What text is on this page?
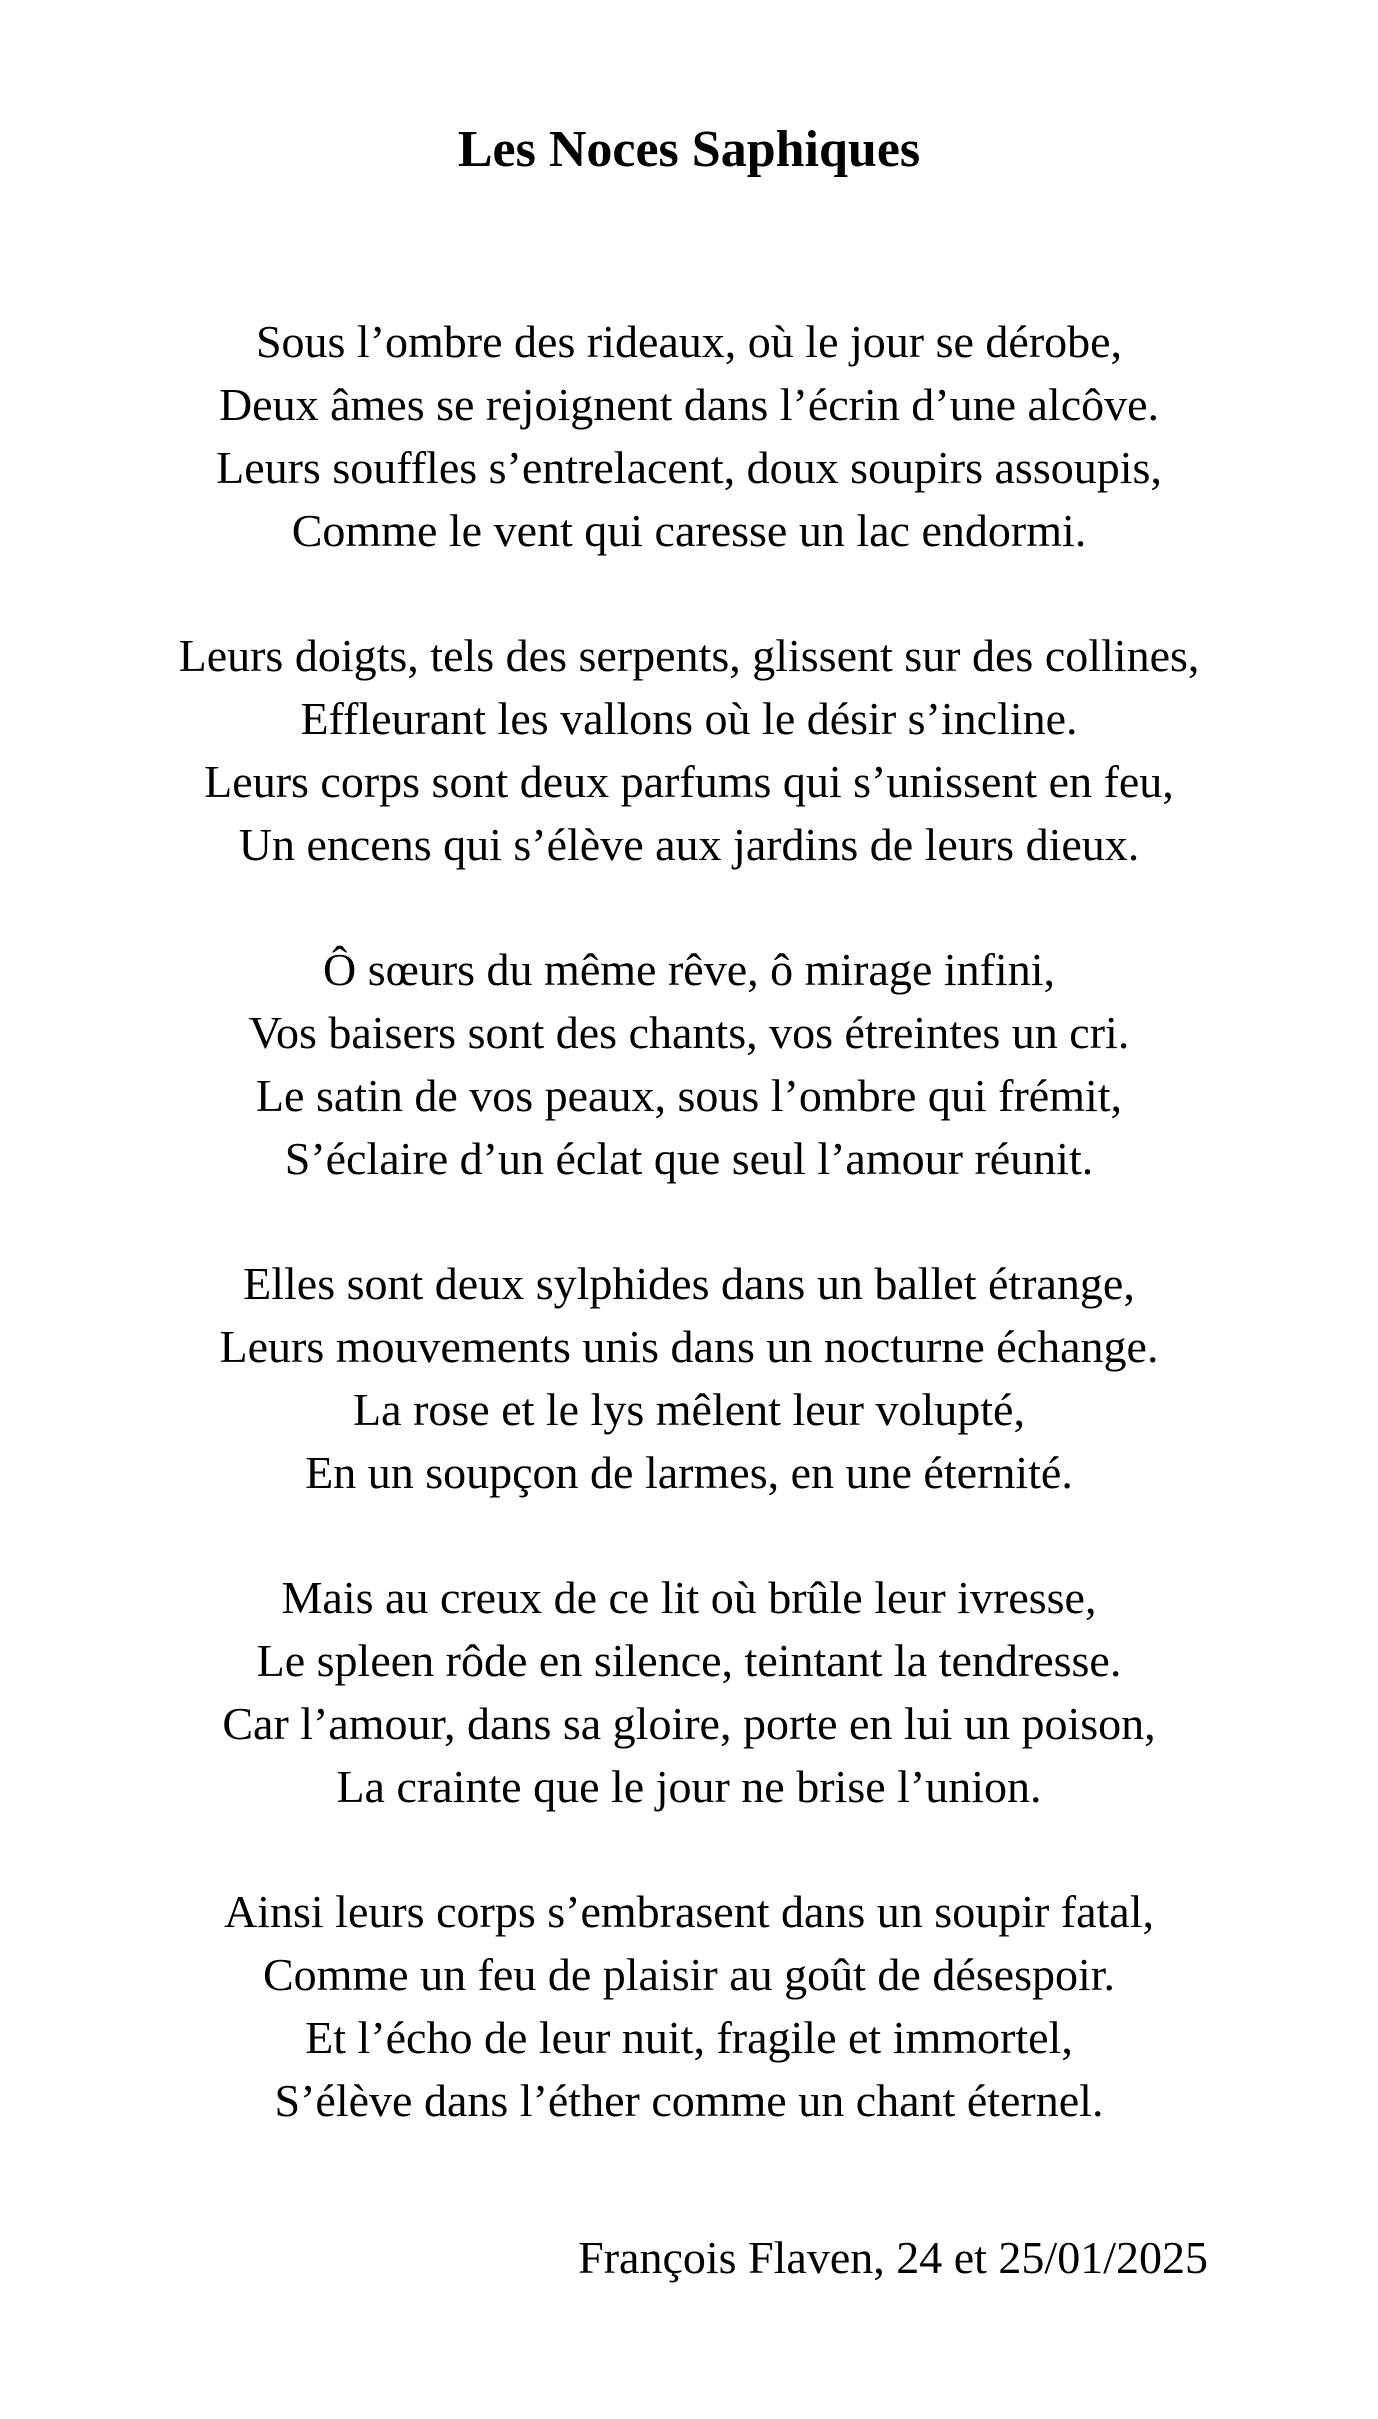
Les Noces Saphiques
Sous l’ombre des rideaux, où le jour se dérobe,
Deux âmes se rejoignent dans l’écrin d’une alcôve.
Leurs souffles s’entrelacent, doux soupirs assoupis,
Comme le vent qui caresse un lac endormi.
Leurs doigts, tels des serpents, glissent sur des collines,
Effleurant les vallons où le désir s’incline.
Leurs corps sont deux parfums qui s’unissent en feu,
Un encens qui s’élève aux jardins de leurs dieux.
Ô sœurs du même rêve, ô mirage infini,
Vos baisers sont des chants, vos étreintes un cri.
Le satin de vos peaux, sous l’ombre qui frémit,
S’éclaire d’un éclat que seul l’amour réunit.
Elles sont deux sylphides dans un ballet étrange,
Leurs mouvements unis dans un nocturne échange.
La rose et le lys mêlent leur volupté,
En un soupçon de larmes, en une éternité.
Mais au creux de ce lit où brûle leur ivresse,
Le spleen rôde en silence, teintant la tendresse.
Car l’amour, dans sa gloire, porte en lui un poison,
La crainte que le jour ne brise l’union.
Ainsi leurs corps s’embrasent dans un soupir fatal,
Comme un feu de plaisir au goût de désespoir.
Et l’écho de leur nuit, fragile et immortel,
S’élève dans l’éther comme un chant éternel.
François Flaven, 24 et 25/01/2025
